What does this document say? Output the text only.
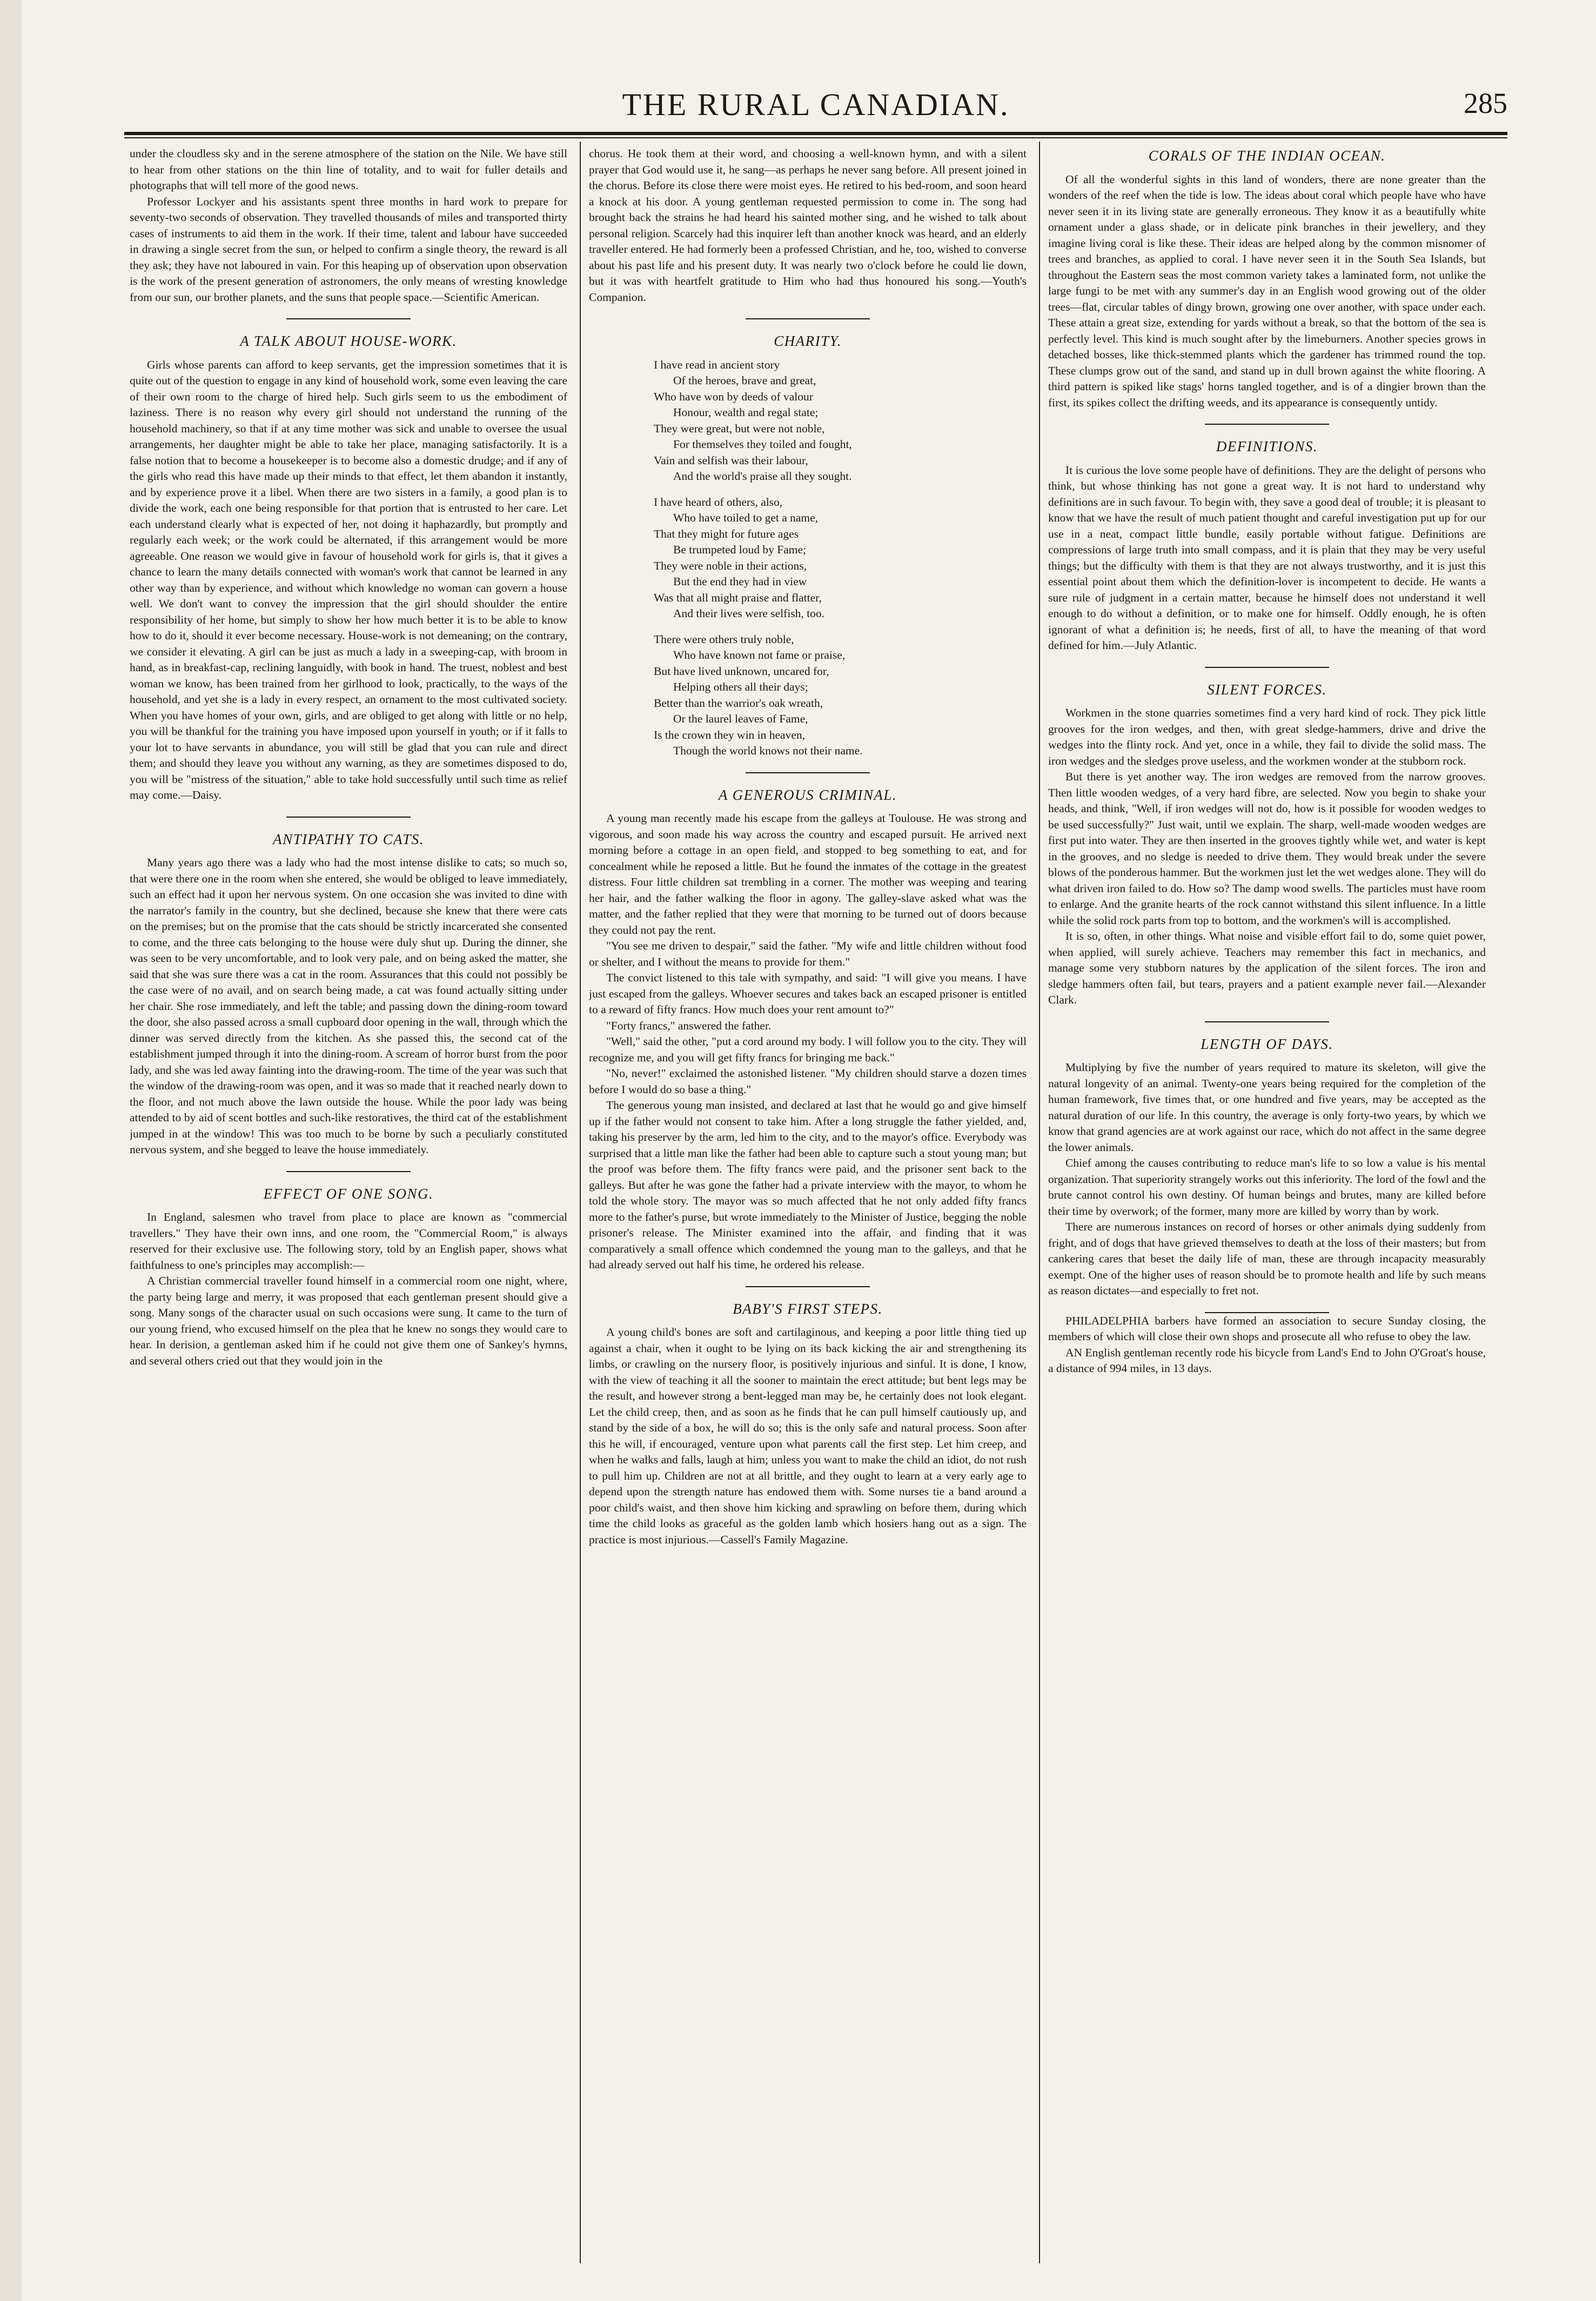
THE RURAL CANADIAN.	285

under the cloudless sky and in the serene atmosphere of the station on the Nile. We have still to hear from other stations on the thin line of totality, and to wait for fuller details and photographs that will tell more of the good news.

Professor Lockyer and his assistants spent three months in hard work to prepare for seventy-two seconds of observation. They travelled thousands of miles and transported thirty cases of instruments to aid them in the work. If their time, talent and labour have succeeded in drawing a single secret from the sun, or helped to confirm a single theory, the reward is all they ask; they have not laboured in vain. For this heaping up of observation upon observation is the work of the present generation of astronomers, the only means of wresting knowledge from our sun, our brother planets, and the suns that people space.—Scientific American.

A TALK ABOUT HOUSE-WORK.

Girls whose parents can afford to keep servants, get the impression sometimes that it is quite out of the question to engage in any kind of household work, some even leaving the care of their own room to the charge of hired help. Such girls seem to us the embodiment of laziness. There is no reason why every girl should not understand the running of the household machinery, so that if at any time mother was sick and unable to oversee the usual arrangements, her daughter might be able to take her place, managing satisfactorily. It is a false notion that to become a housekeeper is to become also a domestic drudge; and if any of the girls who read this have made up their minds to that effect, let them abandon it instantly, and by experience prove it a libel. When there are two sisters in a family, a good plan is to divide the work, each one being responsible for that portion that is entrusted to her care. Let each understand clearly what is expected of her, not doing it haphazardly, but promptly and regularly each week; or the work could be alternated, if this arrangement would be more agreeable. One reason we would give in favour of household work for girls is, that it gives a chance to learn the many details connected with woman's work that cannot be learned in any other way than by experience, and without which knowledge no woman can govern a house well. We don't want to convey the impression that the girl should shoulder the entire responsibility of her home, but simply to show her how much better it is to be able to know how to do it, should it ever become necessary. House-work is not demeaning; on the contrary, we consider it elevating. A girl can be just as much a lady in a sweeping-cap, with broom in hand, as in breakfast-cap, reclining languidly, with book in hand. The truest, noblest and best woman we know, has been trained from her girlhood to look, practically, to the ways of the household, and yet she is a lady in every respect, an ornament to the most cultivated society. When you have homes of your own, girls, and are obliged to get along with little or no help, you will be thankful for the training you have imposed upon yourself in youth; or if it falls to your lot to have servants in abundance, you will still be glad that you can rule and direct them; and should they leave you without any warning, as they are sometimes disposed to do, you will be "mistress of the situation," able to take hold successfully until such time as relief may come.—Daisy.

ANTIPATHY TO CATS.

Many years ago there was a lady who had the most intense dislike to cats; so much so, that were there one in the room when she entered, she would be obliged to leave immediately, such an effect had it upon her nervous system. On one occasion she was invited to dine with the narrator's family in the country, but she declined, because she knew that there were cats on the premises; but on the promise that the cats should be strictly incarcerated she consented to come, and the three cats belonging to the house were duly shut up. During the dinner, she was seen to be very uncomfortable, and to look very pale, and on being asked the matter, she said that she was sure there was a cat in the room. Assurances that this could not possibly be the case were of no avail, and on search being made, a cat was found actually sitting under her chair. She rose immediately, and left the table; and passing down the dining-room toward the door, she also passed across a small cupboard door opening in the wall, through which the dinner was served directly from the kitchen. As she passed this, the second cat of the establishment jumped through it into the dining-room. A scream of horror burst from the poor lady, and she was led away fainting into the drawing-room. The time of the year was such that the window of the drawing-room was open, and it was so made that it reached nearly down to the floor, and not much above the lawn outside the house. While the poor lady was being attended to by aid of scent bottles and such-like restoratives, the third cat of the establishment jumped in at the window! This was too much to be borne by such a peculiarly constituted nervous system, and she begged to leave the house immediately.

EFFECT OF ONE SONG.

In England, salesmen who travel from place to place are known as "commercial travellers." They have their own inns, and one room, the "Commercial Room," is always reserved for their exclusive use. The following story, told by an English paper, shows what faithfulness to one's principles may accomplish:—

A Christian commercial traveller found himself in a commercial room one night, where, the party being large and merry, it was proposed that each gentleman present should give a song. Many songs of the character usual on such occasions were sung. It came to the turn of our young friend, who excused himself on the plea that he knew no songs they would care to hear. In derision, a gentleman asked him if he could not give them one of Sankey's hymns, and several others cried out that they would join in the

chorus. He took them at their word, and choosing a well-known hymn, and with a silent prayer that God would use it, he sang—as perhaps he never sang before. All present joined in the chorus. Before its close there were moist eyes. He retired to his bed-room, and soon heard a knock at his door. A young gentleman requested permission to come in. The song had brought back the strains he had heard his sainted mother sing, and he wished to talk about personal religion. Scarcely had this inquirer left than another knock was heard, and an elderly traveller entered. He had formerly been a professed Christian, and he, too, wished to converse about his past life and his present duty. It was nearly two o'clock before he could lie down, but it was with heartfelt gratitude to Him who had thus honoured his song.—Youth's Companion.

CHARITY.
I have read in ancient story
Of the heroes, brave and great,
Who have won by deeds of valour
Honour, wealth and regal state;
They were great, but were not noble,
For themselves they toiled and fought,
Vain and selfish was their labour,
And the world's praise all they sought.
I have heard of others, also,
Who have toiled to get a name,
That they might for future ages
Be trumpeted loud by Fame;
They were noble in their actions,
But the end they had in view
Was that all might praise and flatter,
And their lives were selfish, too.
There were others truly noble,
Who have known not fame or praise,
But have lived unknown, uncared for,
Helping others all their days;
Better than the warrior's oak wreath,
Or the laurel leaves of Fame,
Is the crown they win in heaven,
Though the world knows not their name.
A GENEROUS CRIMINAL.

A young man recently made his escape from the galleys at Toulouse. He was strong and vigorous, and soon made his way across the country and escaped pursuit. He arrived next morning before a cottage in an open field, and stopped to beg something to eat, and for concealment while he reposed a little. But he found the inmates of the cottage in the greatest distress. Four little children sat trembling in a corner. The mother was weeping and tearing her hair, and the father walking the floor in agony. The galley-slave asked what was the matter, and the father replied that they were that morning to be turned out of doors because they could not pay the rent.

"You see me driven to despair," said the father. "My wife and little children without food or shelter, and I without the means to provide for them."

The convict listened to this tale with sympathy, and said: "I will give you means. I have just escaped from the galleys. Whoever secures and takes back an escaped prisoner is entitled to a reward of fifty francs. How much does your rent amount to?"

"Forty francs," answered the father.

"Well," said the other, "put a cord around my body. I will follow you to the city. They will recognize me, and you will get fifty francs for bringing me back."

"No, never!" exclaimed the astonished listener. "My children should starve a dozen times before I would do so base a thing."

The generous young man insisted, and declared at last that he would go and give himself up if the father would not consent to take him. After a long struggle the father yielded, and, taking his preserver by the arm, led him to the city, and to the mayor's office. Everybody was surprised that a little man like the father had been able to capture such a stout young man; but the proof was before them. The fifty francs were paid, and the prisoner sent back to the galleys. But after he was gone the father had a private interview with the mayor, to whom he told the whole story. The mayor was so much affected that he not only added fifty francs more to the father's purse, but wrote immediately to the Minister of Justice, begging the noble prisoner's release. The Minister examined into the affair, and finding that it was comparatively a small offence which condemned the young man to the galleys, and that he had already served out half his time, he ordered his release.

BABY'S FIRST STEPS.

A young child's bones are soft and cartilaginous, and keeping a poor little thing tied up against a chair, when it ought to be lying on its back kicking the air and strengthening its limbs, or crawling on the nursery floor, is positively injurious and sinful. It is done, I know, with the view of teaching it all the sooner to maintain the erect attitude; but bent legs may be the result, and however strong a bent-legged man may be, he certainly does not look elegant. Let the child creep, then, and as soon as he finds that he can pull himself cautiously up, and stand by the side of a box, he will do so; this is the only safe and natural process. Soon after this he will, if encouraged, venture upon what parents call the first step. Let him creep, and when he walks and falls, laugh at him; unless you want to make the child an idiot, do not rush to pull him up. Children are not at all brittle, and they ought to learn at a very early age to depend upon the strength nature has endowed them with. Some nurses tie a band around a poor child's waist, and then shove him kicking and sprawling on before them, during which time the child looks as graceful as the golden lamb which hosiers hang out as a sign. The practice is most injurious.—Cassell's Family Magazine.

CORALS OF THE INDIAN OCEAN.

Of all the wonderful sights in this land of wonders, there are none greater than the wonders of the reef when the tide is low. The ideas about coral which people have who have never seen it in its living state are generally erroneous. They know it as a beautifully white ornament under a glass shade, or in delicate pink branches in their jewellery, and they imagine living coral is like these. Their ideas are helped along by the common misnomer of trees and branches, as applied to coral. I have never seen it in the South Sea Islands, but throughout the Eastern seas the most common variety takes a laminated form, not unlike the large fungi to be met with any summer's day in an English wood growing out of the older trees—flat, circular tables of dingy brown, growing one over another, with space under each. These attain a great size, extending for yards without a break, so that the bottom of the sea is perfectly level. This kind is much sought after by the limeburners. Another species grows in detached bosses, like thick-stemmed plants which the gardener has trimmed round the top. These clumps grow out of the sand, and stand up in dull brown against the white flooring. A third pattern is spiked like stags' horns tangled together, and is of a dingier brown than the first, its spikes collect the drifting weeds, and its appearance is consequently untidy.

DEFINITIONS.

It is curious the love some people have of definitions. They are the delight of persons who think, but whose thinking has not gone a great way. It is not hard to understand why definitions are in such favour. To begin with, they save a good deal of trouble; it is pleasant to know that we have the result of much patient thought and careful investigation put up for our use in a neat, compact little bundle, easily portable without fatigue. Definitions are compressions of large truth into small compass, and it is plain that they may be very useful things; but the difficulty with them is that they are not always trustworthy, and it is just this essential point about them which the definition-lover is incompetent to decide. He wants a sure rule of judgment in a certain matter, because he himself does not understand it well enough to do without a definition, or to make one for himself. Oddly enough, he is often ignorant of what a definition is; he needs, first of all, to have the meaning of that word defined for him.—July Atlantic.

SILENT FORCES.

Workmen in the stone quarries sometimes find a very hard kind of rock. They pick little grooves for the iron wedges, and then, with great sledge-hammers, drive and drive the wedges into the flinty rock. And yet, once in a while, they fail to divide the solid mass. The iron wedges and the sledges prove useless, and the workmen wonder at the stubborn rock.

But there is yet another way. The iron wedges are removed from the narrow grooves. Then little wooden wedges, of a very hard fibre, are selected. Now you begin to shake your heads, and think, "Well, if iron wedges will not do, how is it possible for wooden wedges to be used successfully?" Just wait, until we explain. The sharp, well-made wooden wedges are first put into water. They are then inserted in the grooves tightly while wet, and water is kept in the grooves, and no sledge is needed to drive them. They would break under the severe blows of the ponderous hammer. But the workmen just let the wet wedges alone. They will do what driven iron failed to do. How so? The damp wood swells. The particles must have room to enlarge. And the granite hearts of the rock cannot withstand this silent influence. In a little while the solid rock parts from top to bottom, and the workmen's will is accomplished.

It is so, often, in other things. What noise and visible effort fail to do, some quiet power, when applied, will surely achieve. Teachers may remember this fact in mechanics, and manage some very stubborn natures by the application of the silent forces. The iron and sledge hammers often fail, but tears, prayers and a patient example never fail.—Alexander Clark.

LENGTH OF DAYS.

Multiplying by five the number of years required to mature its skeleton, will give the natural longevity of an animal. Twenty-one years being required for the completion of the human framework, five times that, or one hundred and five years, may be accepted as the natural duration of our life. In this country, the average is only forty-two years, by which we know that grand agencies are at work against our race, which do not affect in the same degree the lower animals.

Chief among the causes contributing to reduce man's life to so low a value is his mental organization. That superiority strangely works out this inferiority. The lord of the fowl and the brute cannot control his own destiny. Of human beings and brutes, many are killed before their time by overwork; of the former, many more are killed by worry than by work.

There are numerous instances on record of horses or other animals dying suddenly from fright, and of dogs that have grieved themselves to death at the loss of their masters; but from cankering cares that beset the daily life of man, these are through incapacity measurably exempt. One of the higher uses of reason should be to promote health and life by such means as reason dictates—and especially to fret not.

PHILADELPHIA barbers have formed an association to secure Sunday closing, the members of which will close their own shops and prosecute all who refuse to obey the law.

AN English gentleman recently rode his bicycle from Land's End to John O'Groat's house, a distance of 994 miles, in 13 days.
